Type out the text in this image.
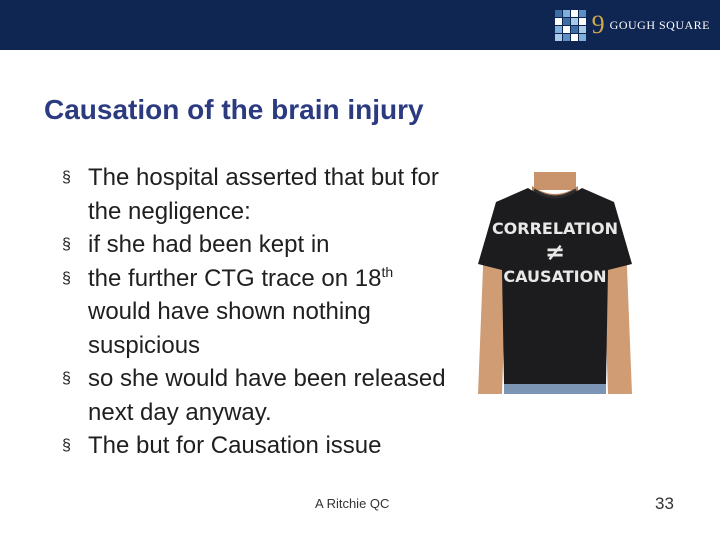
9 GOUGH SQUARE
Causation of the brain injury
§ The hospital asserted that but for the negligence:
§ if she had been kept in
§ the further CTG trace on 18th would have shown nothing suspicious
§ so she would have been released next day anyway.
§ The but for Causation issue
CORRELATION
≠
CAUSATION
A Ritchie QC	33
